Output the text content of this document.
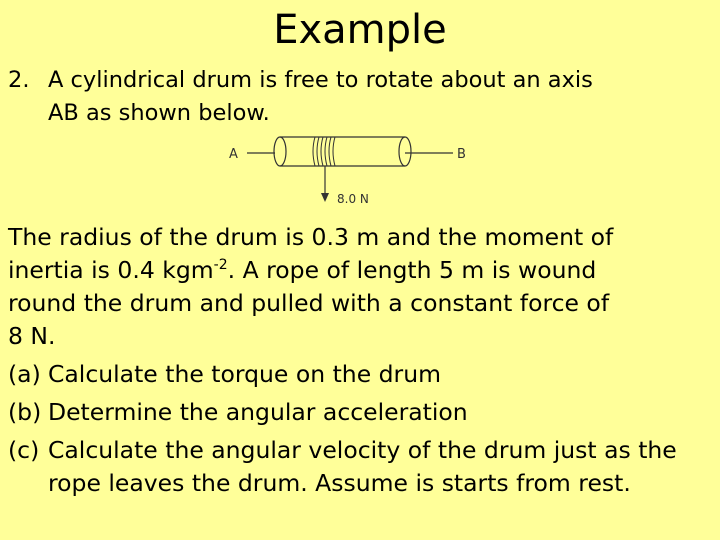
Example
2. A cylindrical drum is free to rotate about an axis
AB as shown below.
A	B
8.0 N

The radius of the drum is 0.3 m and the moment of

inertia is 0.4 kgm$^{-2}$. A rope of length 5 m is wound

round the drum and pulled with a constant force of

8 N.

(a) Calculate the torque on the drum
(b) Determine the angular acceleration
(c) Calculate the angular velocity of the drum just as the rope leaves the drum. Assume is starts from rest.
